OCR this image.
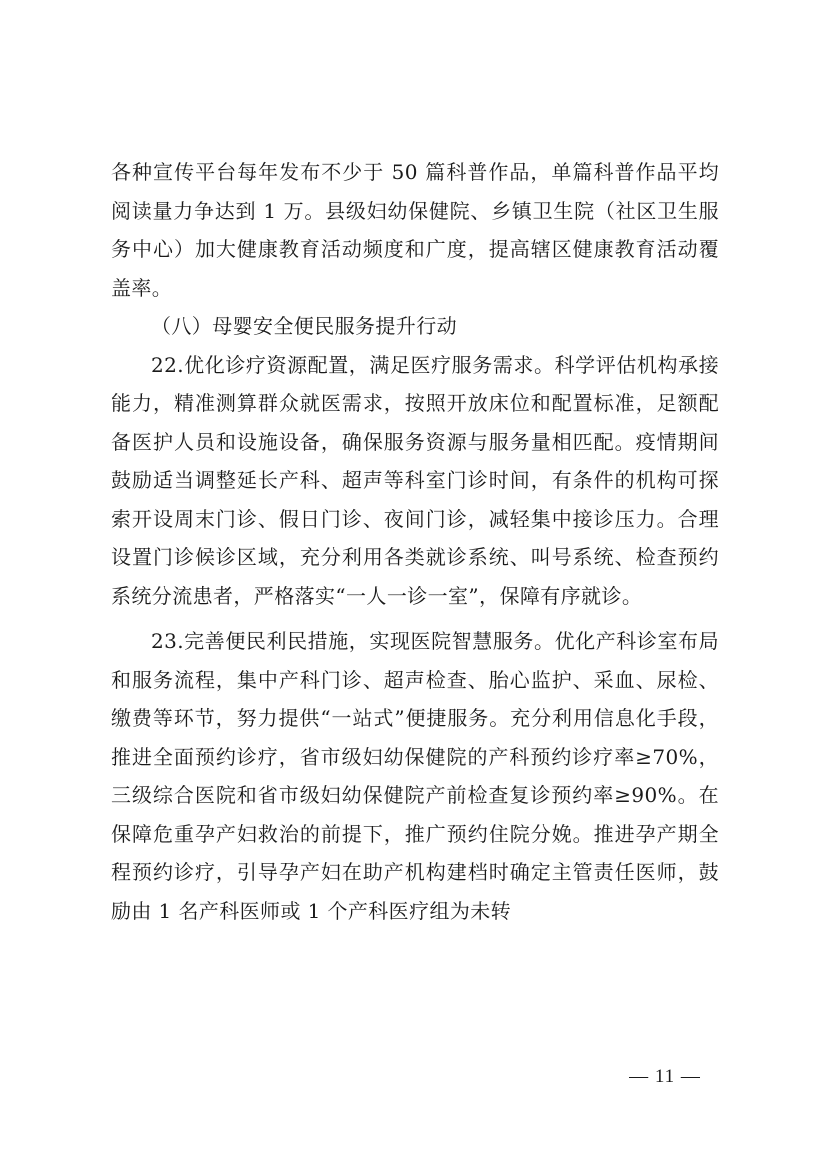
各种宣传平台每年发布不少于 50 篇科普作品，单篇科普作品平均阅读量力争达到 1 万。县级妇幼保健院、乡镇卫生院（社区卫生服务中心）加大健康教育活动频度和广度，提高辖区健康教育活动覆盖率。

（八）母婴安全便民服务提升行动

22.优化诊疗资源配置，满足医疗服务需求。科学评估机构承接能力，精准测算群众就医需求，按照开放床位和配置标准，足额配备医护人员和设施设备，确保服务资源与服务量相匹配。疫情期间鼓励适当调整延长产科、超声等科室门诊时间，有条件的机构可探索开设周末门诊、假日门诊、夜间门诊，减轻集中接诊压力。合理设置门诊候诊区域，充分利用各类就诊系统、叫号系统、检查预约系统分流患者，严格落实“一人一诊一室”，保障有序就诊。

23.完善便民利民措施，实现医院智慧服务。优化产科诊室布局和服务流程，集中产科门诊、超声检查、胎心监护、采血、尿检、缴费等环节，努力提供“一站式”便捷服务。充分利用信息化手段，推进全面预约诊疗，省市级妇幼保健院的产科预约诊疗率≥70%，三级综合医院和省市级妇幼保健院产前检查复诊预约率≥90%。在保障危重孕产妇救治的前提下，推广预约住院分娩。推进孕产期全程预约诊疗，引导孕产妇在助产机构建档时确定主管责任医师，鼓励由 1 名产科医师或 1 个产科医疗组为未转

— 11 —
